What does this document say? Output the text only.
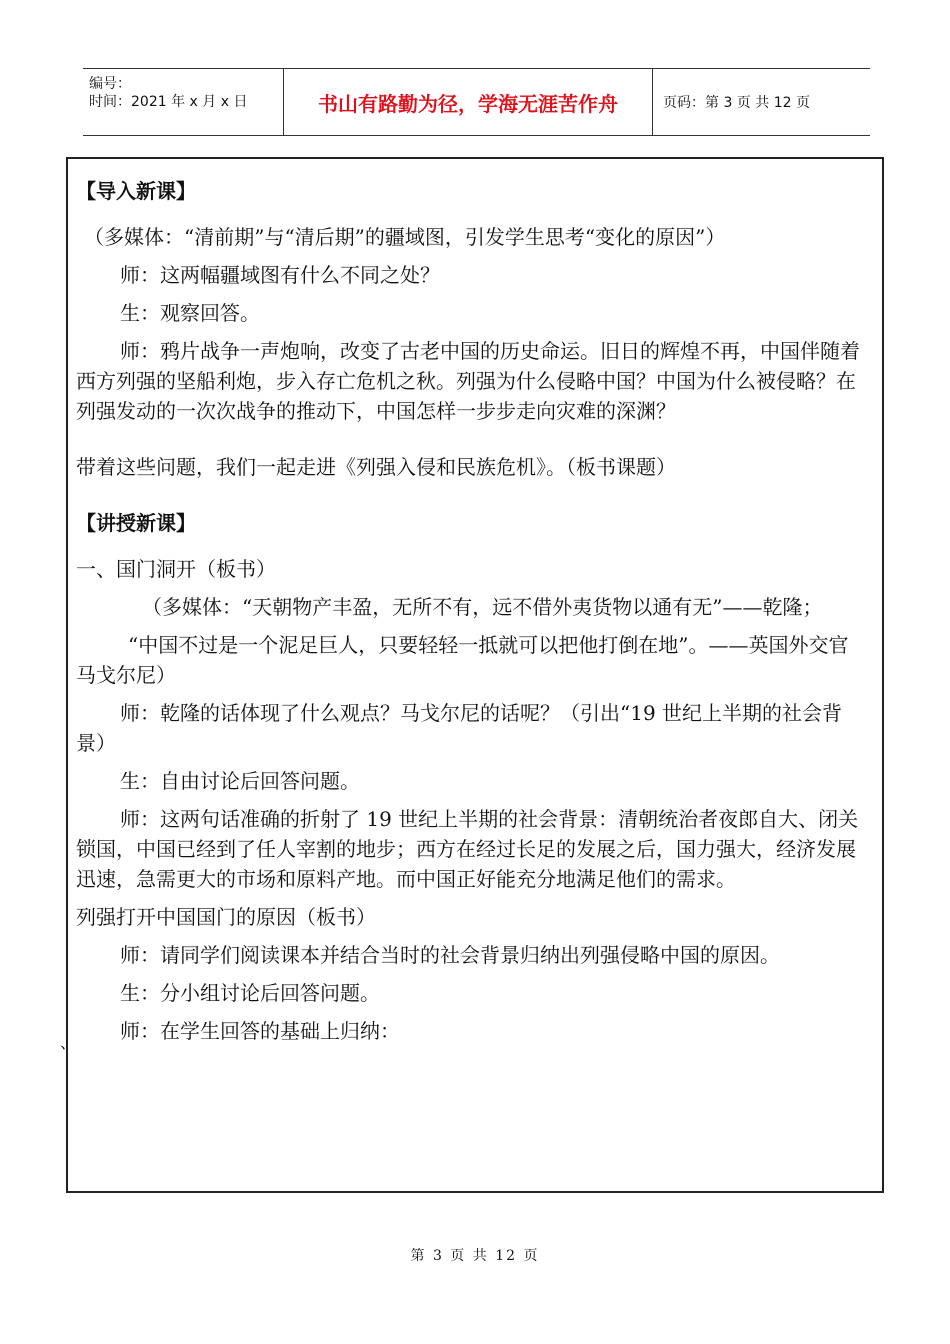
编号：
时间：2021 年 x 月 x 日	书山有路勤为径，学海无涯苦作舟	页码：第 3 页 共 12 页

【导入新课】

（多媒体：“清前期”与“清后期”的疆域图，引发学生思考“变化的原因”）

师：这两幅疆域图有什么不同之处？

生：观察回答。

师：鸦片战争一声炮响，改变了古老中国的历史命运。旧日的辉煌不再，中国伴随着西方列强的坚船利炮，步入存亡危机之秋。列强为什么侵略中国？中国为什么被侵略？在列强发动的一次次战争的推动下，中国怎样一步步走向灾难的深渊？

带着这些问题，我们一起走进《列强入侵和民族危机》。（板书课题）

【讲授新课】

一、国门洞开（板书）

（多媒体：“天朝物产丰盈，无所不有，远不借外夷货物以通有无”——乾隆；

“中国不过是一个泥足巨人，只要轻轻一抵就可以把他打倒在地”。——英国外交官马戈尔尼）

师：乾隆的话体现了什么观点？马戈尔尼的话呢？（引出“19 世纪上半期的社会背景）

生：自由讨论后回答问题。

师：这两句话准确的折射了 19 世纪上半期的社会背景：清朝统治者夜郎自大、闭关锁国，中国已经到了任人宰割的地步；西方在经过长足的发展之后，国力强大，经济发展迅速，急需更大的市场和原料产地。而中国正好能充分地满足他们的需求。

列强打开中国国门的原因（板书）

师：请同学们阅读课本并结合当时的社会背景归纳出列强侵略中国的原因。

生：分小组讨论后回答问题。

师：在学生回答的基础上归纳：

、
第 3 页 共 12 页
